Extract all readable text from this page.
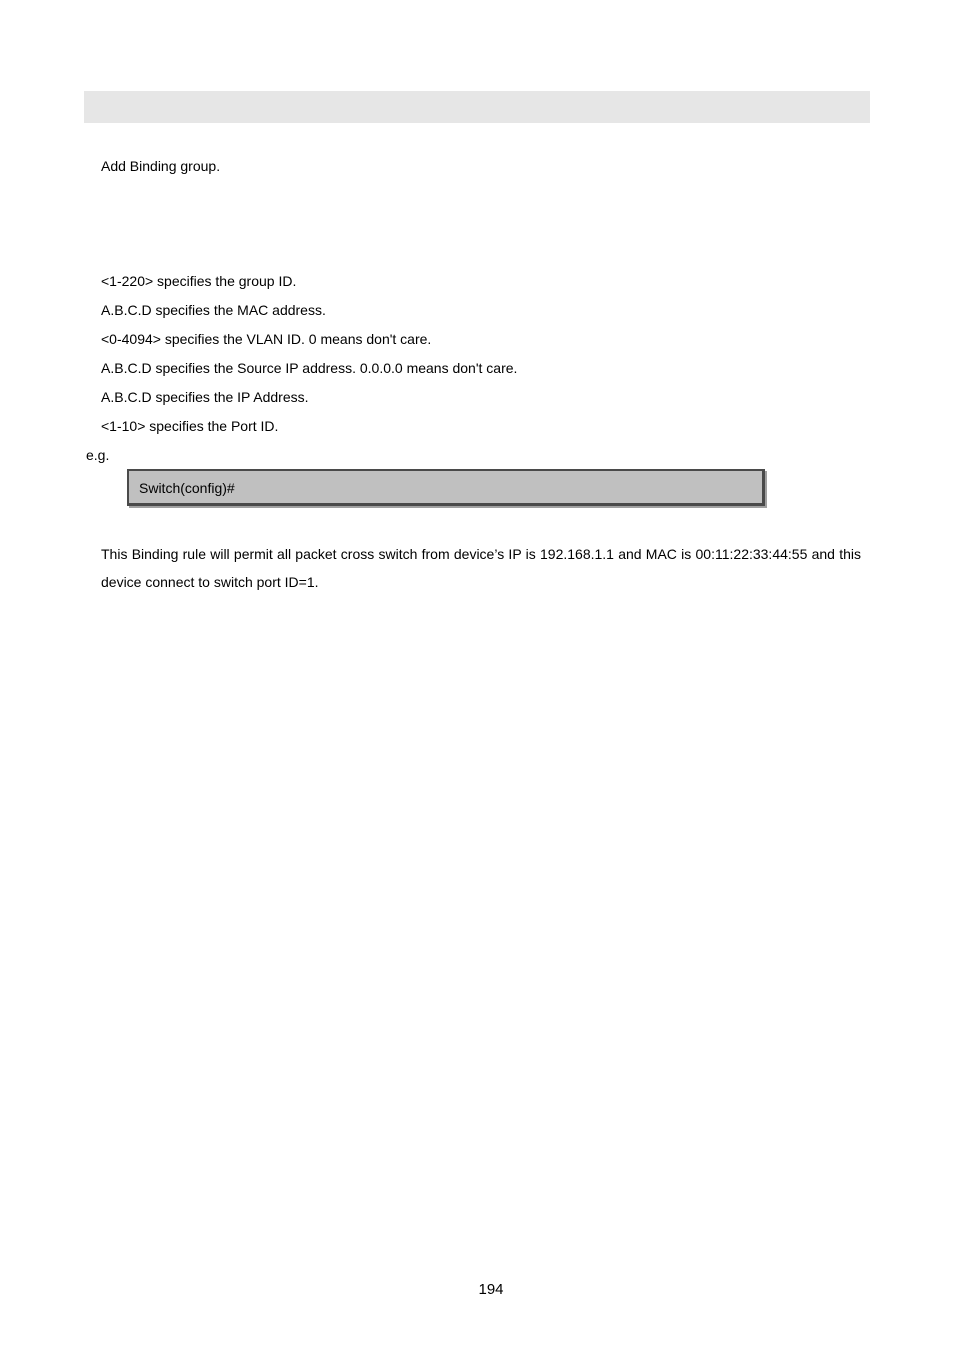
Add Binding group.
<1-220> specifies the group ID.
A.B.C.D specifies the MAC address.
<0-4094> specifies the VLAN ID. 0 means don't care.
A.B.C.D specifies the Source IP address. 0.0.0.0 means don't care.
A.B.C.D specifies the IP Address.
<1-10> specifies the Port ID.
e.g.
Switch(config)#
This Binding rule will permit all packet cross switch from device’s IP is 192.168.1.1 and MAC is 00:11:22:33:44:55 and this device connect to switch port ID=1.
194
